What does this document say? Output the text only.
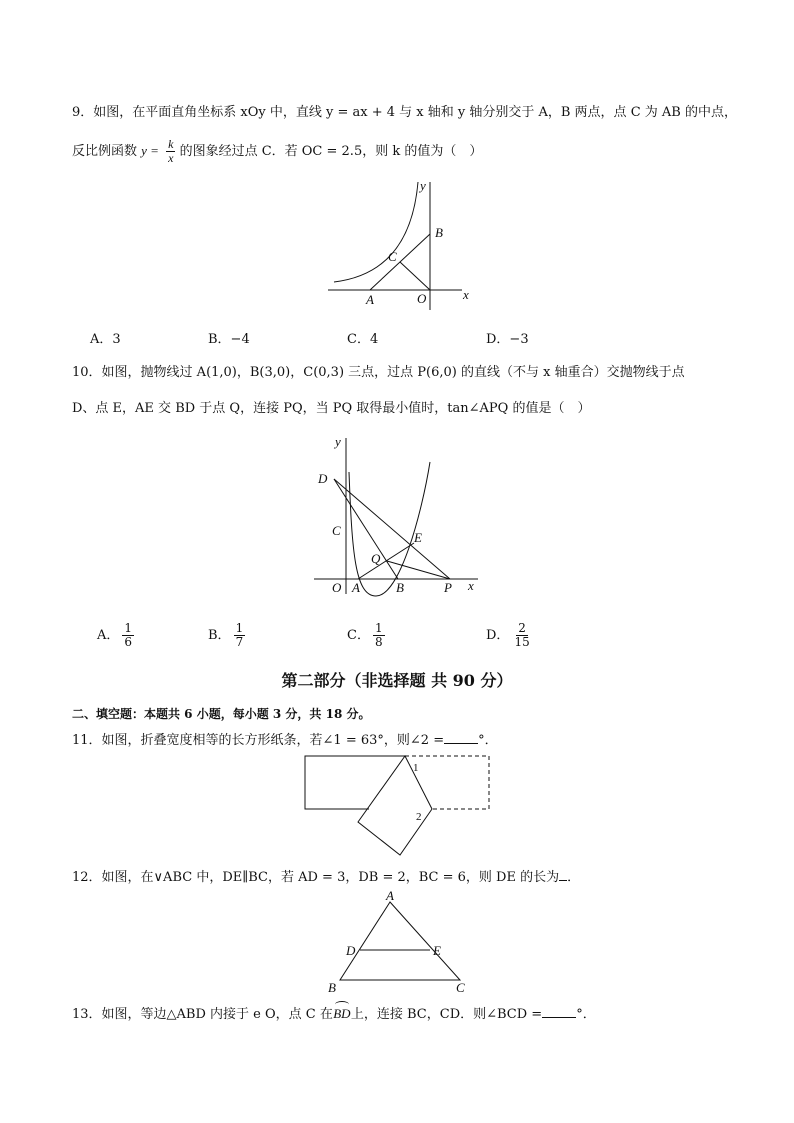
9．如图，在平面直角坐标系 xOy 中，直线 y = ax + 4 与 x 轴和 y 轴分别交于 A，B 两点，点 C 为 AB 的中点，
反比例函数 $y = \frac{k}{x}$ 的图象经过点 C．若 OC = 2.5，则 k 的值为（　）
y
x
B
C
A	O
A．3	B．−4	C．4	D．−3
10．如图，抛物线过 A(1,0)，B(3,0)，C(0,3) 三点，过点 P(6,0) 的直线（不与 x 轴重合）交抛物线于点
D、点 E，AE 交 BD 于点 Q，连接 PQ，当 PQ 取得最小值时，tan∠APQ 的值是（　）
y
x
D
C	E
Q
O A	B	P
A． $\frac{1}{6}$	B． $\frac{1}{7}$	C． $\frac{1}{8}$	D． $\frac{2}{15}$
第二部分（非选择题 共 90 分）
二、填空题：本题共 6 小题，每小题 3 分，共 18 分。
11．如图，折叠宽度相等的长方形纸条，若∠1 = 63°，则∠2 =	°．
1
2
12．如图，在∨ABC 中，DE∥BC，若 AD = 3，DB = 2，BC = 6，则 DE 的长为 ．
A
D	E
B	C
13．如图，等边△ABD 内接于 e O，点 C 在
BD上，连接 BC，CD．则∠BCD =	°．
